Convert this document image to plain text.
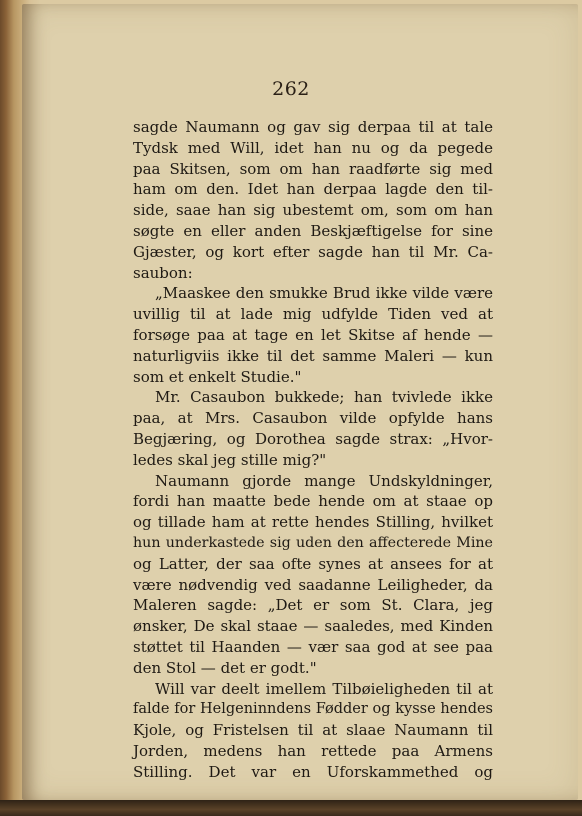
262
sagde Naumann og gav sig derpaa til at tale
Tydsk med Will, idet han nu og da pegede
paa Skitsen, som om han raadførte sig med
ham om den. Idet han derpaa lagde den til-
side, saae han sig ubestemt om, som om han
søgte en eller anden Beskjæftigelse for sine
Gjæster, og kort efter sagde han til Mr. Ca-
saubon:
„Maaskee den smukke Brud ikke vilde være
uvillig til at lade mig udfylde Tiden ved at
forsøge paa at tage en let Skitse af hende —
naturligviis ikke til det samme Maleri — kun
som et enkelt Studie."
Mr. Casaubon bukkede; han tvivlede ikke
paa, at Mrs. Casaubon vilde opfylde hans
Begjæring, og Dorothea sagde strax: „Hvor-
ledes skal jeg stille mig?"
Naumann gjorde mange Undskyldninger,
fordi han maatte bede hende om at staae op
og tillade ham at rette hendes Stilling, hvilket
hun underkastede sig uden den affecterede Mine
og Latter, der saa ofte synes at ansees for at
være nødvendig ved saadanne Leiligheder, da
Maleren sagde: „Det er som St. Clara, jeg
ønsker, De skal staae — saaledes, med Kinden
støttet til Haanden — vær saa god at see paa
den Stol — det er godt."
Will var deelt imellem Tilbøieligheden til at
falde for Helgeninndens Fødder og kysse hendes
Kjole, og Fristelsen til at slaae Naumann til
Jorden, medens han rettede paa Armens
Stilling. Det var en Uforskammethed og
